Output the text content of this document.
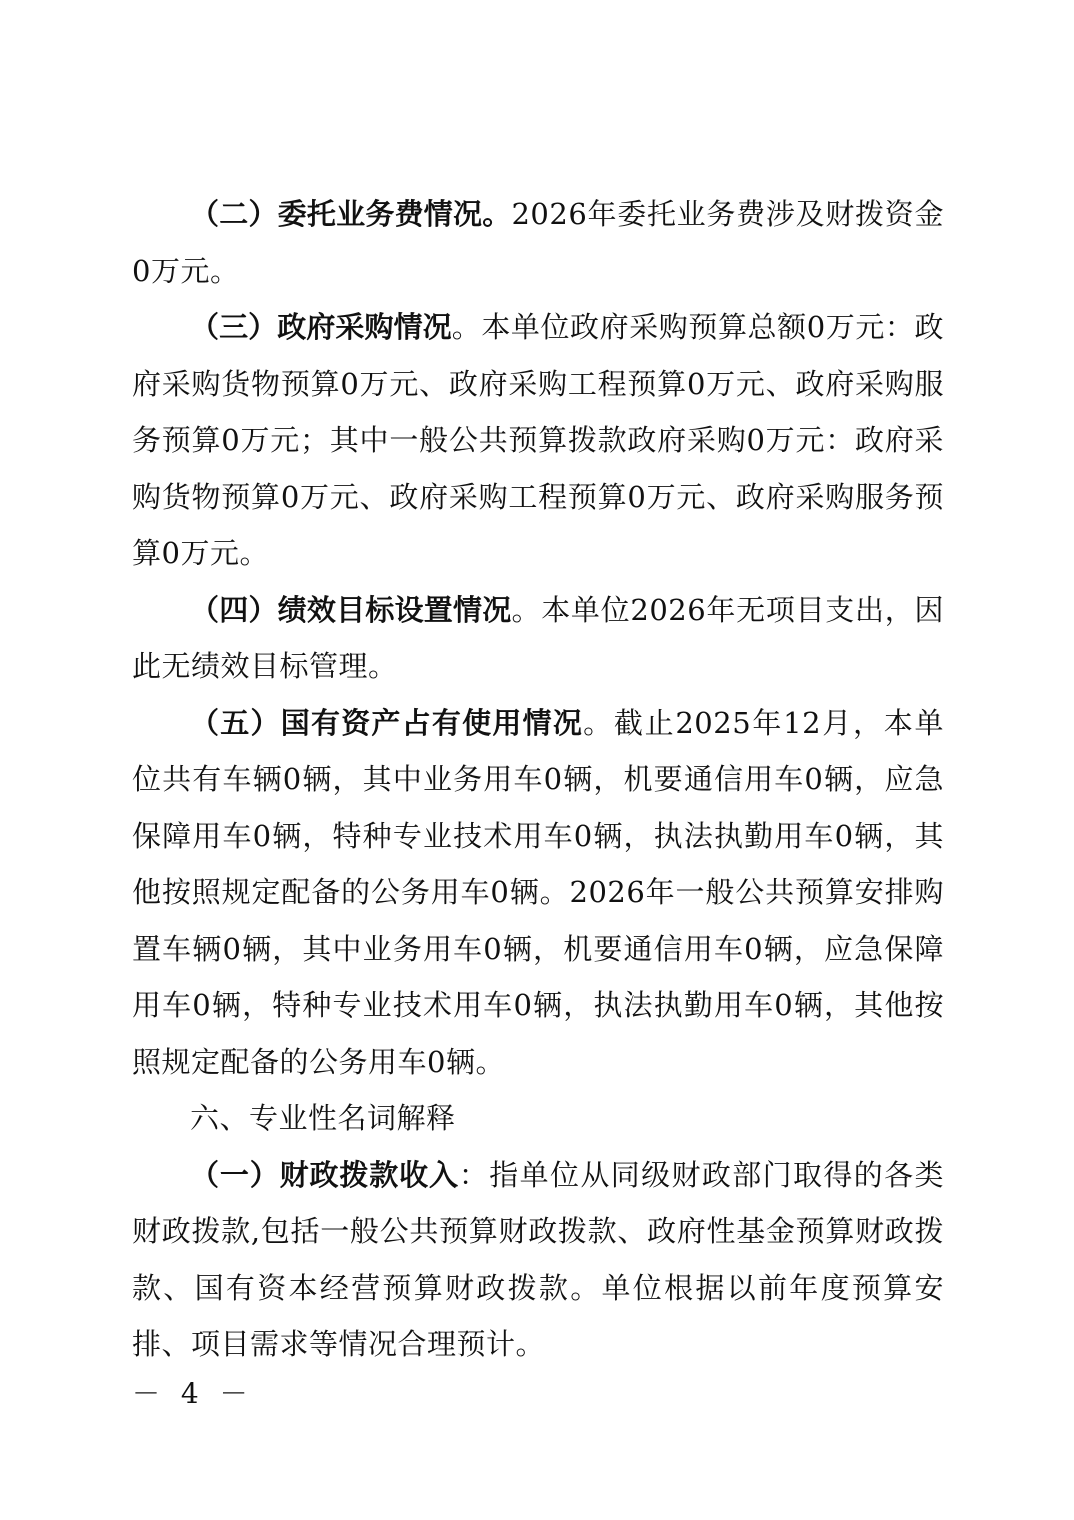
（二）委托业务费情况。2026年委托业务费涉及财拨资金0万元。

（三）政府采购情况。本单位政府采购预算总额0万元：政府采购货物预算0万元、政府采购工程预算0万元、政府采购服务预算0万元；其中一般公共预算拨款政府采购0万元：政府采购货物预算0万元、政府采购工程预算0万元、政府采购服务预算0万元。

（四）绩效目标设置情况。本单位2026年无项目支出，因此无绩效目标管理。

（五）国有资产占有使用情况。截止2025年12月，本单位共有车辆0辆，其中业务用车0辆，机要通信用车0辆，应急保障用车0辆，特种专业技术用车0辆，执法执勤用车0辆，其他按照规定配备的公务用车0辆。2026年一般公共预算安排购置车辆0辆，其中业务用车0辆，机要通信用车0辆，应急保障用车0辆，特种专业技术用车0辆，执法执勤用车0辆，其他按照规定配备的公务用车0辆。

六、专业性名词解释

（一）财政拨款收入：指单位从同级财政部门取得的各类财政拨款,包括一般公共预算财政拨款、政府性基金预算财政拨款、国有资本经营预算财政拨款。单位根据以前年度预算安排、项目需求等情况合理预计。

－ 4 －
